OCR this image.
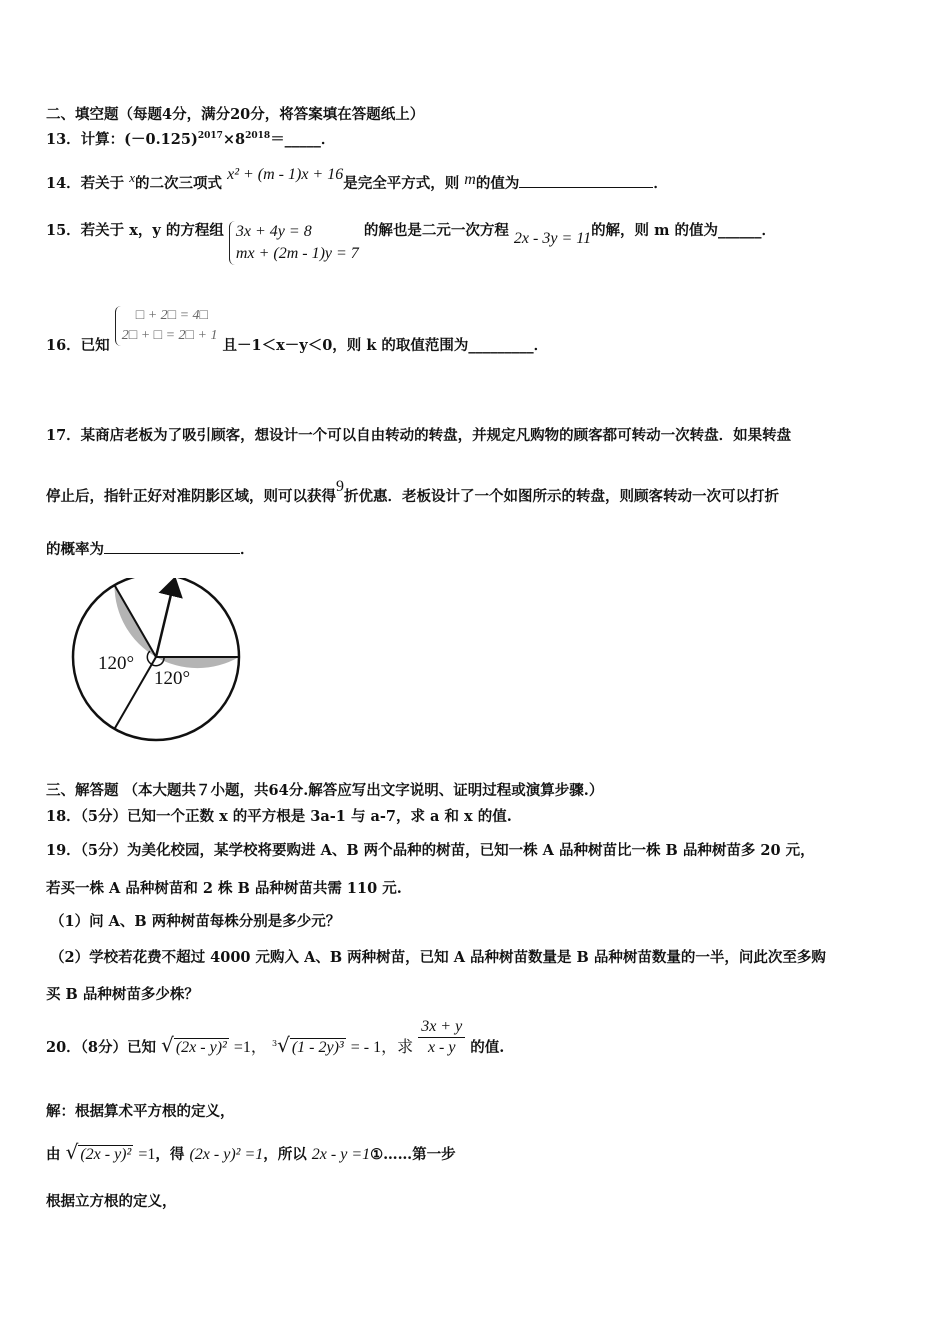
二、填空题（每题4分，满分20分，将答案填在答题纸上）
13．计算：$(-0.125)^{2017}\times 8^{2018}=\_\_\_\_\_$．
14．若关于 x的二次三项式 x² + (m - 1)x + 16是完全平方式，则 m的值为	．
15．若关于 x，y 的方程组 3x + 4y = 8
mx + (2m - 1)y = 7
的解也是二元一次方程 2x - 3y = 11的解，则 m 的值为______．
16．已知
□ + 2□ = 4□
2□ + □ = 2□ + 1
且－1＜x－y＜0，则 k 的取值范围为_________．
17．某商店老板为了吸引顾客，想设计一个可以自由转动的转盘，并规定凡购物的顾客都可转动一次转盘．如果转盘
停止后，指针正好对准阴影区域，则可以获得9折优惠．老板设计了一个如图所示的转盘，则顾客转动一次可以打折
的概率为	．
120°
120°
三、解答题 （本大题共７小题，共64分.解答应写出文字说明、证明过程或演算步骤.）
18．（5分）已知一个正数 x 的平方根是 3a-1 与 a-7，求 a 和 x 的值.
19．（5分）为美化校园，某学校将要购进 A、B 两个品种的树苗，已知一株 A 品种树苗比一株 B 品种树苗多 20 元，
若买一株 A 品种树苗和 2 株 B 品种树苗共需 110 元.
（1）问 A、B 两种树苗每株分别是多少元？
（2）学校若花费不超过 4000 元购入 A、B 两种树苗，已知 A 品种树苗数量是 B 品种树苗数量的一半，问此次至多购
买 B 品种树苗多少株？
20．（8分）已知 √ (2x - y)² =1， $^3$√ (1 - 2y)³ = - 1，求 $\frac{3x + y}{x - y}$ 的值.
解：根据算术平方根的定义，
由 √ (2x - y)² =1，得 (2x - y)² =1，所以 2x - y =1①……第一步
根据立方根的定义，
